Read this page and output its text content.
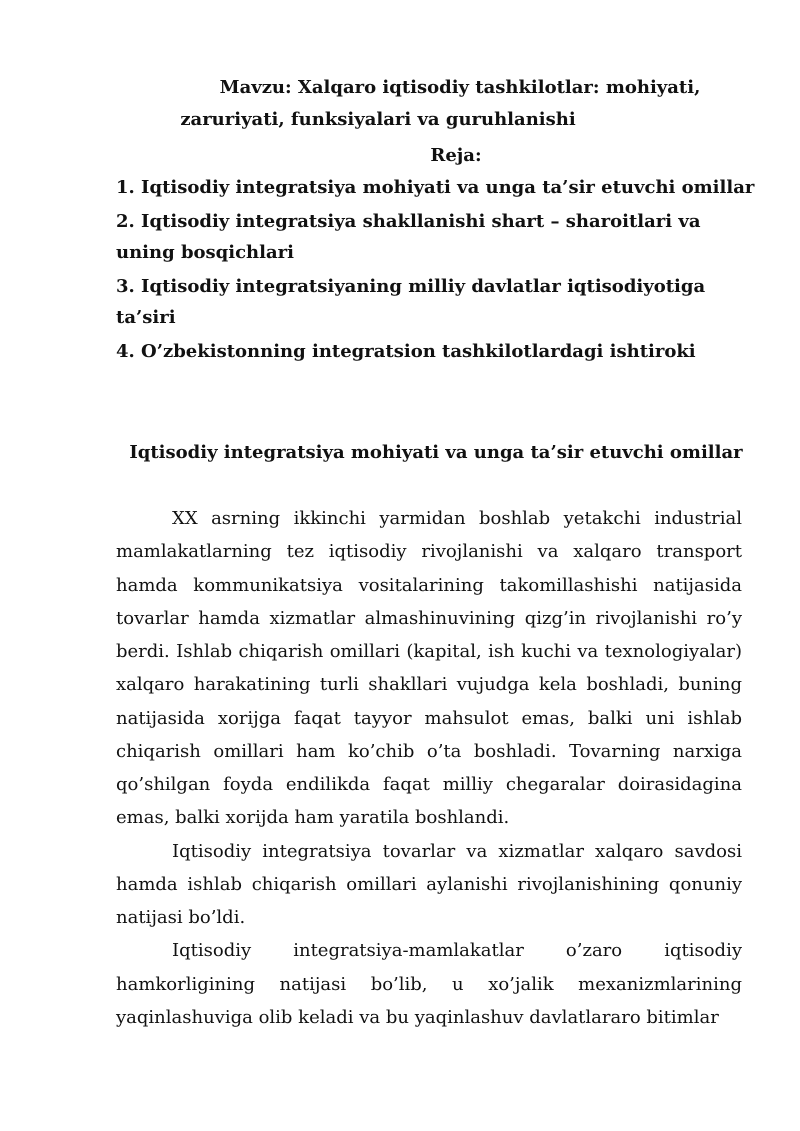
Mavzu: Xalqaro iqtisodiy tashkilotlar: mohiyati,
zaruriyati, funksiyalari va guruhlanishi
Reja:
1. Iqtisodiy integratsiya mohiyati va unga ta’sir etuvchi omillar
2. Iqtisodiy integratsiya shakllanishi shart – sharoitlari va uning bosqichlari
3. Iqtisodiy integratsiyaning milliy davlatlar iqtisodiyotiga ta’siri
4. O’zbekistonning integratsion tashkilotlardagi ishtiroki
Iqtisodiy integratsiya mohiyati va unga ta’sir etuvchi omillar

XX asrning ikkinchi yarmidan boshlab yetakchi industrial mamlakatlarning tez iqtisodiy rivojlanishi va xalqaro transport hamda kommunikatsiya vositalarining takomillashishi natijasida tovarlar hamda xizmatlar almashinuvining qizg’in rivojlanishi ro’y berdi. Ishlab chiqarish omillari (kapital, ish kuchi va texnologiyalar) xalqaro harakatining turli shakllari vujudga kela boshladi, buning natijasida xorijga faqat tayyor mahsulot emas, balki uni ishlab chiqarish omillari ham ko’chib o’ta boshladi. Tovarning narxiga qo’shilgan foyda endilikda faqat milliy chegaralar doirasidagina emas, balki xorijda ham yaratila boshlandi.

Iqtisodiy integratsiya tovarlar va xizmatlar xalqaro savdosi hamda ishlab chiqarish omillari aylanishi rivojlanishining qonuniy natijasi bo’ldi.

Iqtisodiy integratsiya-mamlakatlar o’zaro iqtisodiy hamkorligining natijasi bo’lib, u xo’jalik mexanizmlarining yaqinlashuviga olib keladi va bu yaqinlashuv davlatlararo bitimlar
